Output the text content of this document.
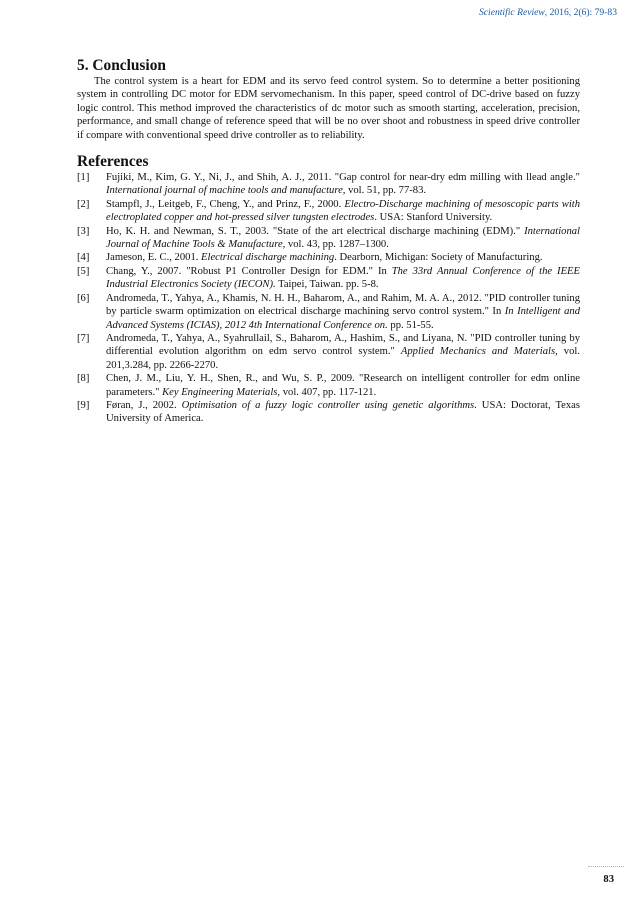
Scientific Review, 2016, 2(6): 79-83
5. Conclusion

The control system is a heart for EDM and its servo feed control system. So to determine a better positioning system in controlling DC motor for EDM servomechanism. In this paper, speed control of DC-drive based on fuzzy logic control. This method improved the characteristics of dc motor such as smooth starting, acceleration, precision, performance, and small change of reference speed that will be no over shoot and robustness in speed drive controller if compare with conventional speed drive controller as to reliability.

References
[1]	Fujiki, M., Kim, G. Y., Ni, J., and Shih, A. J., 2011. "Gap control for near-dry edm milling with llead angle." International journal of machine tools and manufacture, vol. 51, pp. 77-83.
[2]	Stampfl, J., Leitgeb, F., Cheng, Y., and Prinz, F., 2000. Electro-Discharge machining of mesoscopic parts with electroplated copper and hot-pressed silver tungsten electrodes. USA: Stanford University.
[3]	Ho, K. H. and Newman, S. T., 2003. "State of the art electrical discharge machining (EDM)." International Journal of Machine Tools & Manufacture, vol. 43, pp. 1287–1300.
[4]	Jameson, E. C., 2001. Electrical discharge machining. Dearborn, Michigan: Society of Manufacturing.
[5]	Chang, Y., 2007. "Robust P1 Controller Design for EDM." In The 33rd Annual Conference of the IEEE Industrial Electronics Society (IECON). Taipei, Taiwan. pp. 5-8.
[6]	Andromeda, T., Yahya, A., Khamis, N. H. H., Baharom, A., and Rahim, M. A. A., 2012. "PID controller tuning by particle swarm optimization on electrical discharge machining servo control system." In In Intelligent and Advanced Systems (ICIAS), 2012 4th International Conference on. pp. 51-55.
[7]	Andromeda, T., Yahya, A., Syahrullail, S., Baharom, A., Hashim, S., and Liyana, N. "PID controller tuning by differential evolution algorithm on edm servo control system." Applied Mechanics and Materials, vol. 201,3.284, pp. 2266-2270.
[8]	Chen, J. M., Liu, Y. H., Shen, R., and Wu, S. P., 2009. "Research on intelligent controller for edm online parameters." Key Engineering Materials, vol. 407, pp. 117-121.
[9]	Føran, J., 2002. Optimisation of a fuzzy logic controller using genetic algorithms. USA: Doctorat, Texas University of America.
83
